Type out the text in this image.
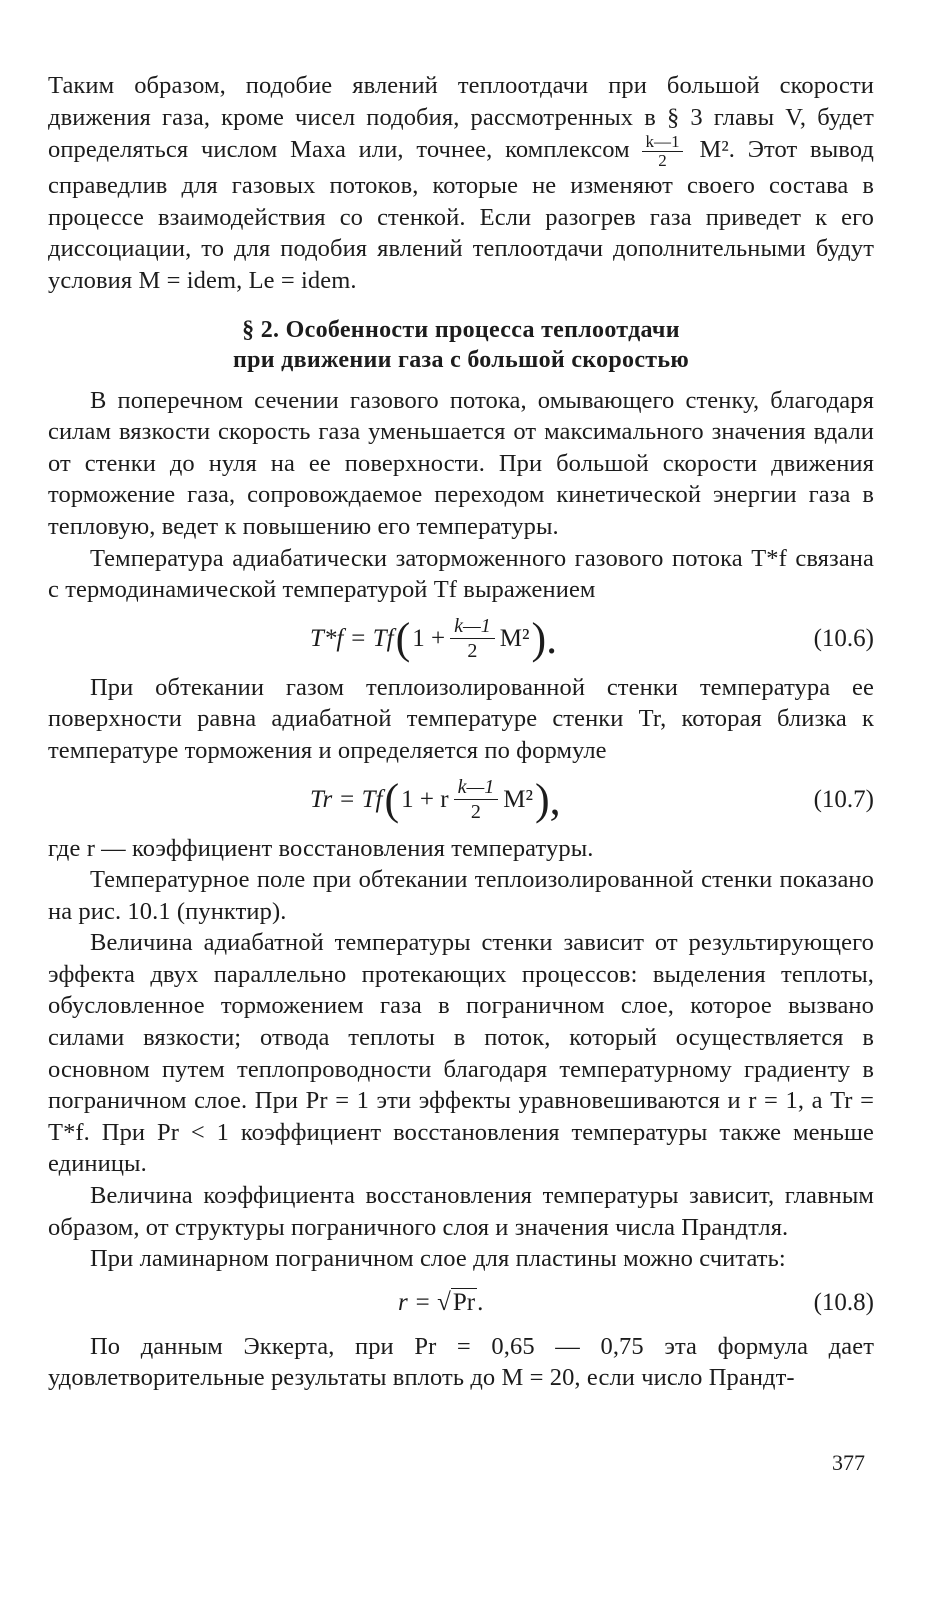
Таким образом, подобие явлений теплоотдачи при большой скорости движения газа, кроме чисел подобия, рассмотренных в § 3 главы V, будет определяться числом Маха или, точнее, комплексом $\frac{k—1}{2} M^2$. Этот вывод справедлив для газовых потоков, которые не изменяют своего состава в процессе взаимодействия со стенкой. Если разогрев газа приведет к его диссоциации, то для подобия явлений теплоотдачи дополнительными будут условия M = idem, Le = idem.

§ 2. Особенности процесса теплоотдачи
при движении газа с большой скоростью

В поперечном сечении газового потока, омывающего стенку, благодаря силам вязкости скорость газа уменьшается от максимального значения вдали от стенки до нуля на ее поверхности. При большой скорости движения торможение газа, сопровождаемое переходом кинетической энергии газа в тепловую, ведет к повышению его температуры.

Температура адиабатически заторможенного газового потока T*f связана с термодинамической температурой Tf выражением

T*f = Tf ( $1 + \frac{k—1}{2} M^2$ ).	(10.6)

При обтекании газом теплоизолированной стенки температура ее поверхности равна адиабатной температуре стенки Tr, которая близка к температуре торможения и определяется по формуле

Tr = Tf ( 1 + r $\frac{k—1}{2} M^2$ ),	(10.7)

где r — коэффициент восстановления температуры.

Температурное поле при обтекании теплоизолированной стенки показано на рис. 10.1 (пунктир).

Величина адиабатной температуры стенки зависит от результирующего эффекта двух параллельно протекающих процессов: выделения теплоты, обусловленное торможением газа в пограничном слое, которое вызвано силами вязкости; отвода теплоты в поток, который осуществляется в основном путем теплопроводности благодаря температурному градиенту в пограничном слое. При Pr = 1 эти эффекты уравновешиваются и r = 1, а Tr = T*f. При Pr < 1 коэффициент восстановления температуры также меньше единицы.

Величина коэффициента восстановления температуры зависит, главным образом, от структуры пограничного слоя и значения числа Прандтля.

При ламинарном пограничном слое для пластины можно считать:

r = √ Pr .	(10.8)

По данным Эккерта, при Pr = 0,65 — 0,75 эта формула дает удовлетворительные результаты вплоть до M = 20, если число Прандт-

377
